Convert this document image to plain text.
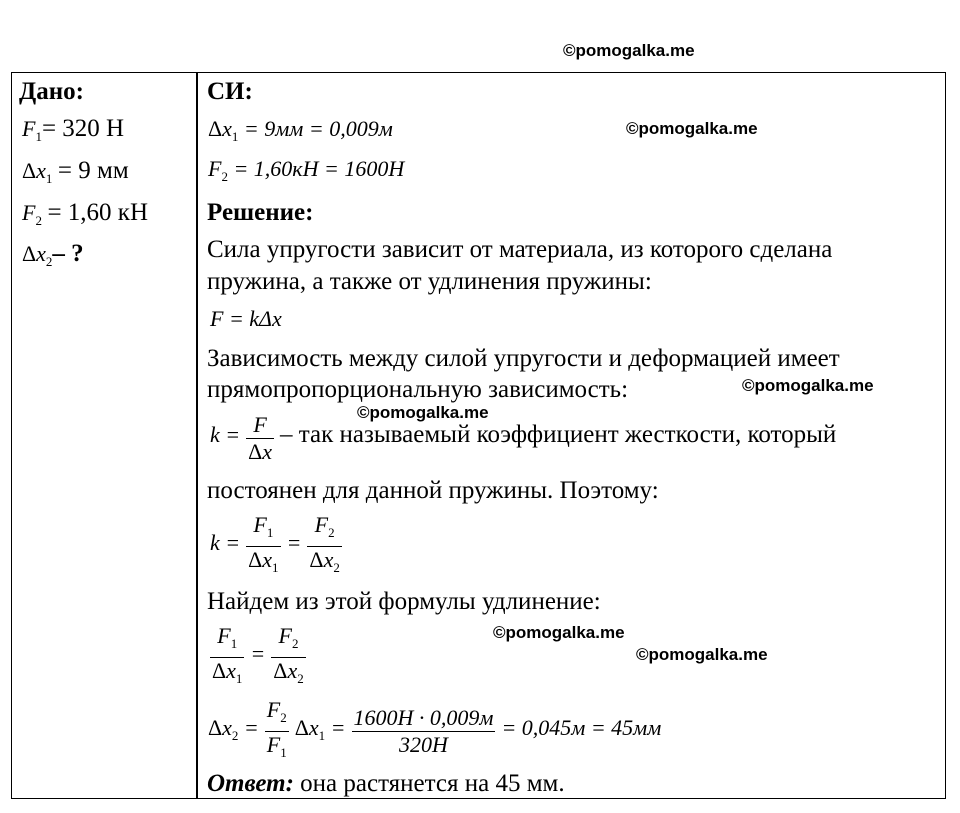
©pomogalka.me
©pomogalka.me
©pomogalka.me
©pomogalka.me
©pomogalka.me
©pomogalka.me
Дано:
$F_1= 320$ Н
$\Delta x_1 = 9$ мм
$F_2 = 1,60$ кН
$\Delta x_2-$ ?
СИ:
$\Delta x_1 = 9мм = 0,009м$
$F_2 = 1,60кН = 1600Н$
Решение:
Сила упругости зависит от материала, из которого сделана
пружина, а также от удлинения пружины:
F = kΔx
Зависимость между силой упругости и деформацией имеет
прямопропорциональную зависимость:
$k = \frac{F}{\Delta x}$ – так называемый коэффициент жесткости, который
постоянен для данной пружины. Поэтому:
$k = \frac{F_1}{\Delta x_1} = \frac{F_2}{\Delta x_2}$
Найдем из этой формулы удлинение:
$\frac{F_1}{\Delta x_1} = \frac{F_2}{\Delta x_2}$
$\Delta x_2 = \frac{F_2}{F_1} \Delta x_1 = \frac{1600Н \cdot 0,009м}{320Н} = 0,045м = 45мм$
Ответ: она растянется на 45 мм.
